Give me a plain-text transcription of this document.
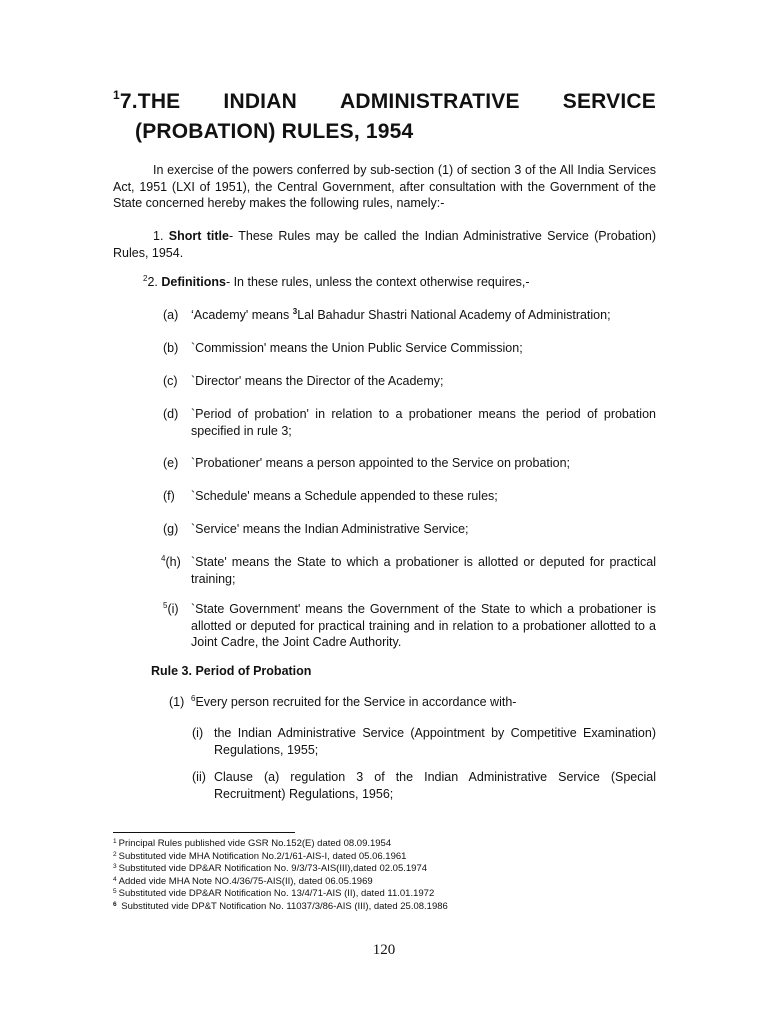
$^1$ 7.THE INDIAN ADMINISTRATIVE SERVICE
(PROBATION) RULES, 1954

In exercise of the powers conferred by sub-section (1) of section 3 of the All India Services Act, 1951 (LXI of 1951), the Central Government, after consultation with the Government of the State concerned hereby makes the following rules, namely:-

1. Short title- These Rules may be called the Indian Administrative Service (Probation) Rules, 1954.

$^2$2. Definitions- In these rules, unless the context otherwise requires,-

(a)	‘Academy' means $^3$Lal Bahadur Shastri National Academy of Administration;
(b)	`Commission' means the Union Public Service Commission;
(c)	`Director' means the Director of the Academy;
(d)	`Period of probation' in relation to a probationer means the period of probation specified in rule 3;
(e)	`Probationer' means a person appointed to the Service on probation;
(f)	`Schedule' means a Schedule appended to these rules;
(g)	`Service' means the Indian Administrative Service;
$^4$(h) `State' means the State to which a probationer is allotted or deputed for practical training;
$^5$(i) `State Government' means the Government of the State to which a probationer is allotted or deputed for practical training and in relation to a probationer allotted to a Joint Cadre, the Joint Cadre Authority.
Rule 3. Period of Probation
(1) $^6$Every person recruited for the Service in accordance with-
(i) the Indian Administrative Service (Appointment by Competitive Examination) Regulations, 1955;
(ii) Clause (a) regulation 3 of the Indian Administrative Service (Special Recruitment) Regulations, 1956;
$^1$ Principal Rules published vide GSR No.152(E) dated 08.09.1954
$^2$ Substituted vide MHA Notification No.2/1/61-AIS-I, dated 05.06.1961
$^3$ Substituted vide DP&AR Notification No. 9/3/73-AIS(III),dated 02.05.1974
$^4$ Added vide MHA Note NO.4/36/75-AIS(II), dated 06.05.1969
$^5$ Substituted vide DP&AR Notification No. 13/4/71-AIS (II), dated 11.01.1972
$^6$ Substituted vide DP&T Notification No. 11037/3/86-AIS (III), dated 25.08.1986
120
